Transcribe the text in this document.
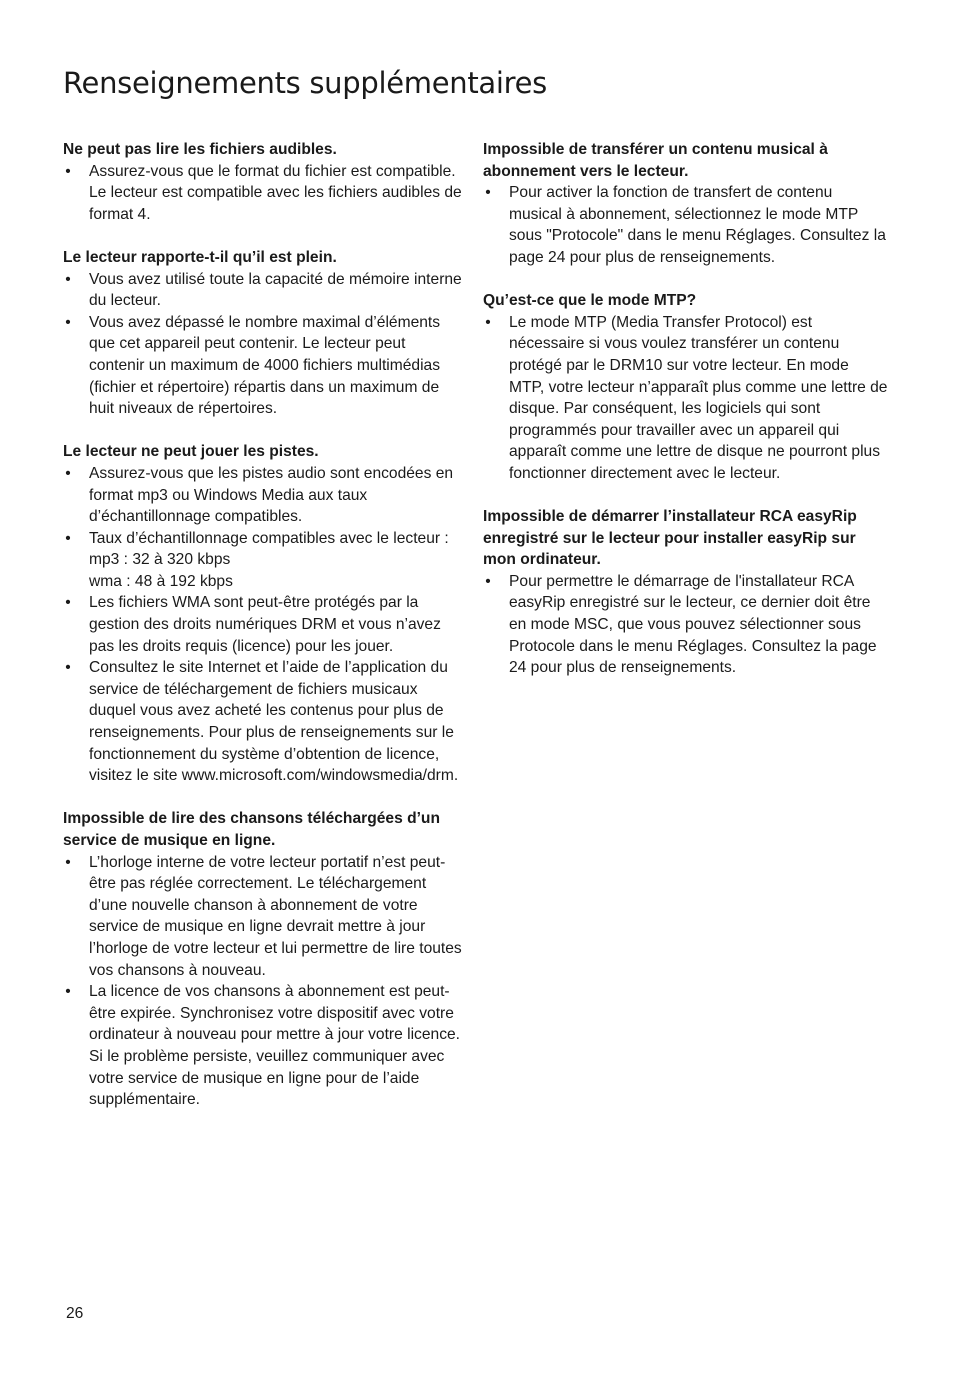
Renseignements supplémentaires

Ne peut pas lire les fichiers audibles.

• Assurez-vous que le format du fichier est compatible. Le lecteur est compatible avec les fichiers audibles de format 4.

Le lecteur rapporte-t-il qu’il est plein.

• Vous avez utilisé toute la capacité de mémoire interne du lecteur.
• Vous avez dépassé le nombre maximal d’éléments que cet appareil peut contenir. Le lecteur peut contenir un maximum de 4000 fichiers multimédias (fichier et répertoire) répartis dans un maximum de huit niveaux de répertoires.

Le lecteur ne peut jouer les pistes.

• Assurez-vous que les pistes audio sont encodées en format mp3 ou Windows Media aux taux d’échantillonnage compatibles.
• Taux d’échantillonnage compatibles avec le lecteur :
mp3 : 32 à 320 kbps
wma : 48 à 192 kbps
• Les fichiers WMA sont peut-être protégés par la gestion des droits numériques DRM et vous n’avez pas les droits requis (licence) pour les jouer.
• Consultez le site Internet et l’aide de l’application du service de téléchargement de fichiers musicaux duquel vous avez acheté les contenus pour plus de renseignements. Pour plus de renseignements sur le fonctionnement du système d’obtention de licence, visitez le site www.microsoft.com/windowsmedia/drm.

Impossible de lire des chansons téléchargées d’un service de musique en ligne.

• L’horloge interne de votre lecteur portatif n’est peut-être pas réglée correctement. Le téléchargement d’une nouvelle chanson à abonnement de votre service de musique en ligne devrait mettre à jour l’horloge de votre lecteur et lui permettre de lire toutes vos chansons à nouveau.
• La licence de vos chansons à abonnement est peut-être expirée. Synchronisez votre dispositif avec votre ordinateur à nouveau pour mettre à jour votre licence. Si le problème persiste, veuillez communiquer avec votre service de musique en ligne pour de l’aide supplémentaire.

Impossible de transférer un contenu musical à abonnement vers le lecteur.

• Pour activer la fonction de transfert de contenu musical à abonnement, sélectionnez le mode MTP sous "Protocole" dans le menu Réglages. Consultez la page 24 pour plus de renseignements.

Qu’est-ce que le mode MTP?

• Le mode MTP (Media Transfer Protocol) est nécessaire si vous voulez transférer un contenu protégé par le DRM10 sur votre lecteur. En mode MTP, votre lecteur n’apparaît plus comme une lettre de disque. Par conséquent, les logiciels qui sont programmés pour travailler avec un appareil qui apparaît comme une lettre de disque ne pourront plus fonctionner directement avec le lecteur.

Impossible de démarrer l’installateur RCA easyRip enregistré sur le lecteur pour installer easyRip sur mon ordinateur.

• Pour permettre le démarrage de l'installateur RCA easyRip enregistré sur le lecteur, ce dernier doit être en mode MSC, que vous pouvez sélectionner sous Protocole dans le menu Réglages. Consultez la page 24 pour plus de renseignements.
26
